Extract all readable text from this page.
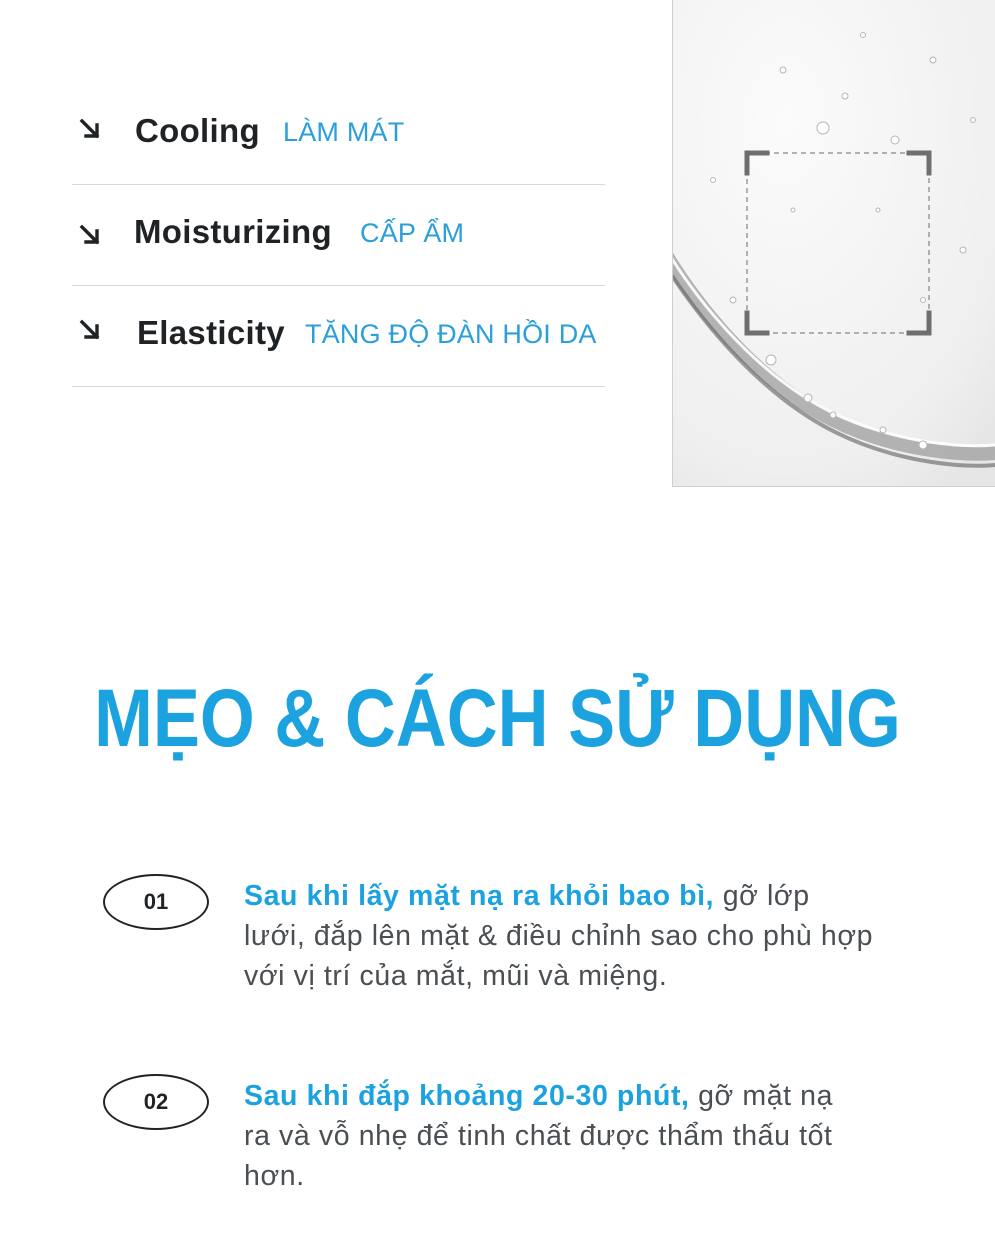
Cooling LÀM MÁT
Moisturizing CẤP ẨM
Elasticity TĂNG ĐỘ ĐÀN HỒI DA
MẸO & CÁCH SỬ DỤNG
01	Sau khi lấy mặt nạ ra khỏi bao bì, gỡ lớp lưới, đắp lên mặt & điều chỉnh sao cho phù hợp với vị trí của mắt, mũi và miệng.
02	Sau khi đắp khoảng 20-30 phút, gỡ mặt nạ ra và vỗ nhẹ để tinh chất được thẩm thấu tốt hơn.
